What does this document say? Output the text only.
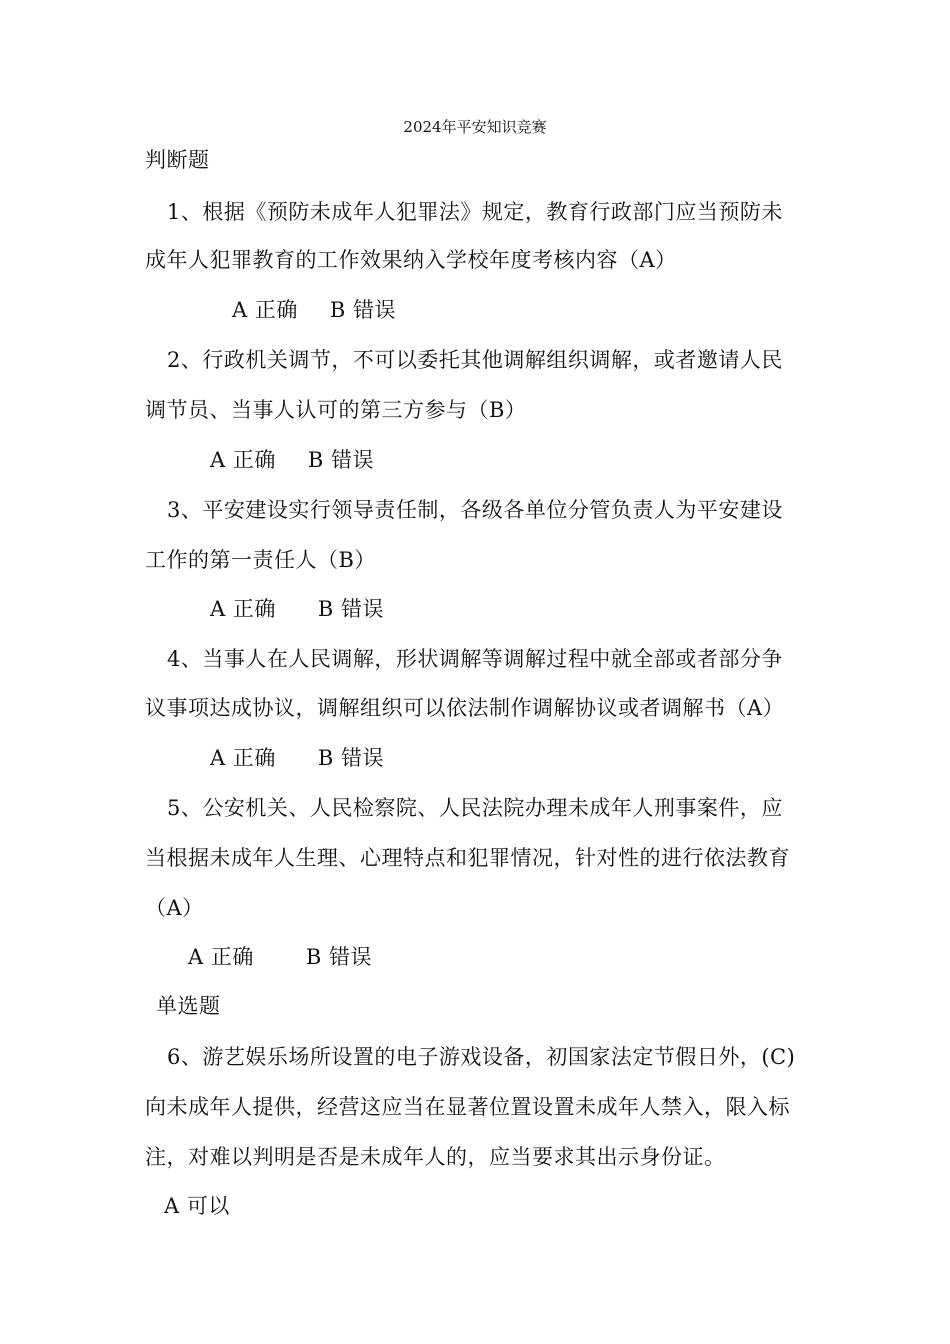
2024年平安知识竞赛
判断题
1、根据《预防未成年人犯罪法》规定，教育行政部门应当预防未
成年人犯罪教育的工作效果纳入学校年度考核内容（A）
A 正确 B 错误
2、行政机关调节，不可以委托其他调解组织调解，或者邀请人民
调节员、当事人认可的第三方参与（B）
A 正确 B 错误
3、平安建设实行领导责任制，各级各单位分管负责人为平安建设
工作的第一责任人（B）
A 正确 B 错误
4、当事人在人民调解，形状调解等调解过程中就全部或者部分争
议事项达成协议，调解组织可以依法制作调解协议或者调解书（A）
A 正确 B 错误
5、公安机关、人民检察院、人民法院办理未成年人刑事案件，应
当根据未成年人生理、心理特点和犯罪情况，针对性的进行依法教育
（A）
A 正确 B 错误
单选题
6、游艺娱乐场所设置的电子游戏设备，初国家法定节假日外，(C)
向未成年人提供，经营这应当在显著位置设置未成年人禁入，限入标
注，对难以判明是否是未成年人的，应当要求其出示身份证。
A 可以
